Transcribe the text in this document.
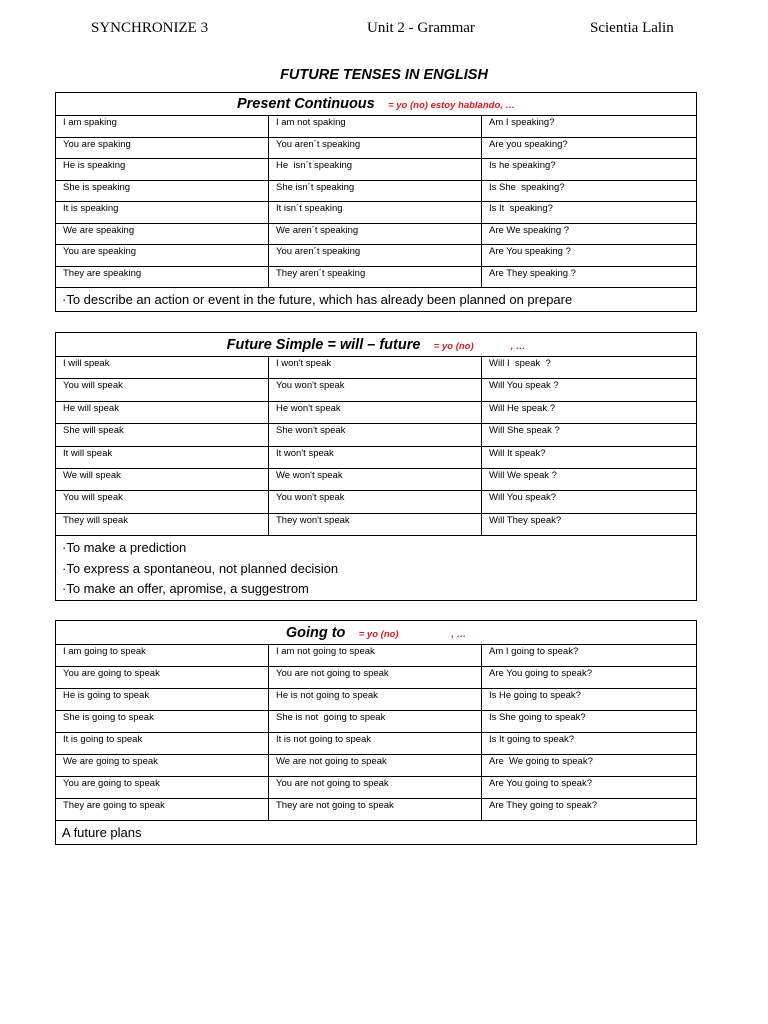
SYNCHRONIZE 3	Unit 2 - Grammar	Scientia Lalin
FUTURE TENSES IN ENGLISH
Present Continuous = yo (no) estoy hablando, …		
I am spaking	I am not spaking	Am I speaking?
You are spaking	You aren´t speaking	Are you speaking?
He is speaking	He  isn´t speaking	Is he speaking?
She is speaking	She isn´t speaking	Is She  speaking?
It is speaking	It isn´t speaking	Is It  speaking?
We are speaking	We aren´t speaking	Are We speaking ?
You are speaking	You aren´t speaking	Are You speaking ?
They are speaking	They aren´t speaking	Are They speaking ?

·To describe an action or event in the future, which has already been planned on prepare		
Future Simple = will – future = yo (no)              , …		
I will speak	I won't speak	Will I  speak  ?
You will speak	You won't speak	Will You speak ?
He will speak	He won't speak	Will He speak ?
She will speak	She won't speak	Will She speak ?
It will speak	It won't speak	Will It speak?
We will speak	We won't speak	Will We speak ?
You will speak	You won't speak	Will You speak?
They will speak	They won't speak	Will They speak?

·To make a prediction
·To express a spontaneou, not planned decision
·To make an offer, apromise, a suggestrom		
Going to = yo (no)                    , …		
I am going to speak	I am not going to speak	Am I going to speak?
You are going to speak	You are not going to speak	Are You going to speak?
He is going to speak	He is not going to speak	Is He going to speak?
She is going to speak	She is not  going to speak	Is She going to speak?
It is going to speak	It is not going to speak	Is It going to speak?
We are going to speak	We are not going to speak	Are  We going to speak?
You are going to speak	You are not going to speak	Are You going to speak?
They are going to speak	They are not going to speak	Are They going to speak?

A future plans		
